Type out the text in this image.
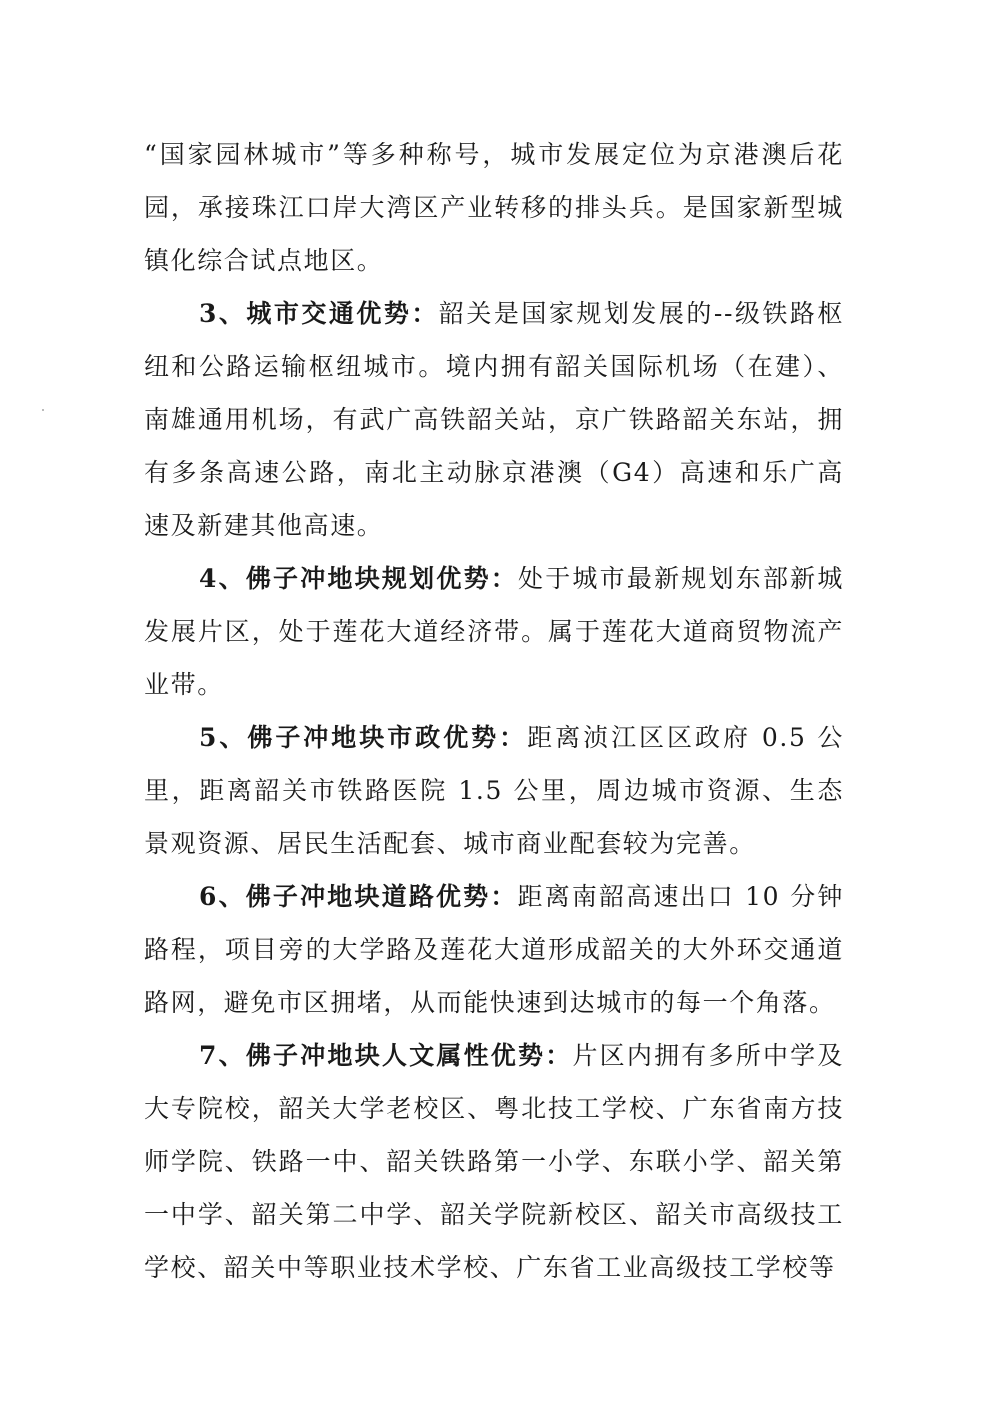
“国家园林城市”等多种称号，城市发展定位为京港澳后花园，承接珠江口岸大湾区产业转移的排头兵。是国家新型城镇化综合试点地区。

3、城市交通优势：韶关是国家规划发展的--级铁路枢纽和公路运输枢纽城市。境内拥有韶关国际机场（在建）、南雄通用机场，有武广高铁韶关站，京广铁路韶关东站，拥有多条高速公路，南北主动脉京港澳（G4）高速和乐广高速及新建其他高速。

4、佛子冲地块规划优势：处于城市最新规划东部新城发展片区，处于莲花大道经济带。属于莲花大道商贸物流产业带。

5、佛子冲地块市政优势：距离浈江区区政府 0.5 公里，距离韶关市铁路医院 1.5 公里，周边城市资源、生态景观资源、居民生活配套、城市商业配套较为完善。

6、佛子冲地块道路优势：距离南韶高速出口 10 分钟路程，项目旁的大学路及莲花大道形成韶关的大外环交通道路网，避免市区拥堵，从而能快速到达城市的每一个角落。

7、佛子冲地块人文属性优势：片区内拥有多所中学及大专院校，韶关大学老校区、粤北技工学校、广东省南方技师学院、铁路一中、韶关铁路第一小学、东联小学、韶关第一中学、韶关第二中学、韶关学院新校区、韶关市高级技工学校、韶关中等职业技术学校、广东省工业高级技工学校等
